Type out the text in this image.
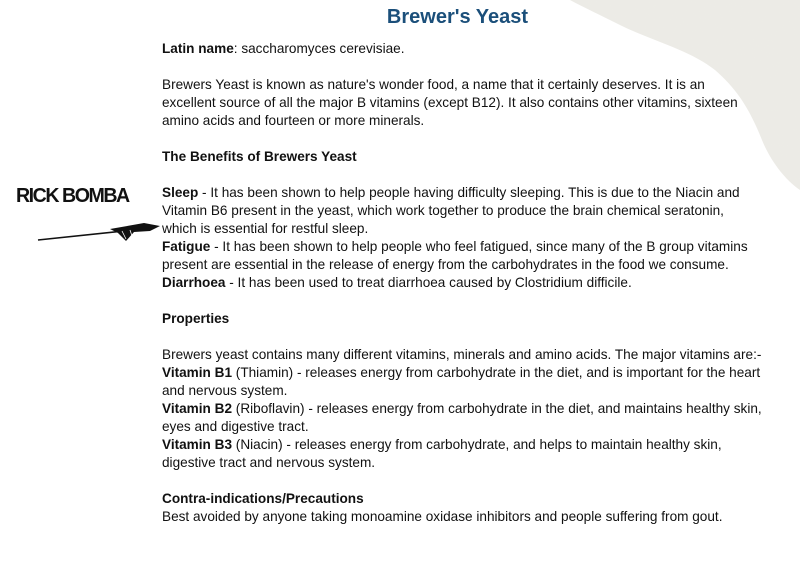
Brewer's Yeast
RICK BOMBA

Latin name: saccharomyces cerevisiae.

Brewers Yeast is known as nature's wonder food, a name that it certainly deserves. It is an excellent source of all the major B vitamins (except B12). It also contains other vitamins, sixteen amino acids and fourteen or more minerals.

The Benefits of Brewers Yeast

Sleep - It has been shown to help people having difficulty sleeping. This is due to the Niacin and Vitamin B6 present in the yeast, which work together to produce the brain chemical seratonin, which is essential for restful sleep.

Fatigue - It has been shown to help people who feel fatigued, since many of the B group vitamins present are essential in the release of energy from the carbohydrates in the food we consume.

Diarrhoea - It has been used to treat diarrhoea caused by Clostridium difficile.

Properties

Brewers yeast contains many different vitamins, minerals and amino acids. The major vitamins are:-

Vitamin B1 (Thiamin) - releases energy from carbohydrate in the diet, and is important for the heart and nervous system.

Vitamin B2 (Riboflavin) - releases energy from carbohydrate in the diet, and maintains healthy skin, eyes and digestive tract.

Vitamin B3 (Niacin) - releases energy from carbohydrate, and helps to maintain healthy skin, digestive tract and nervous system.

Contra-indications/Precautions

Best avoided by anyone taking monoamine oxidase inhibitors and people suffering from gout.
